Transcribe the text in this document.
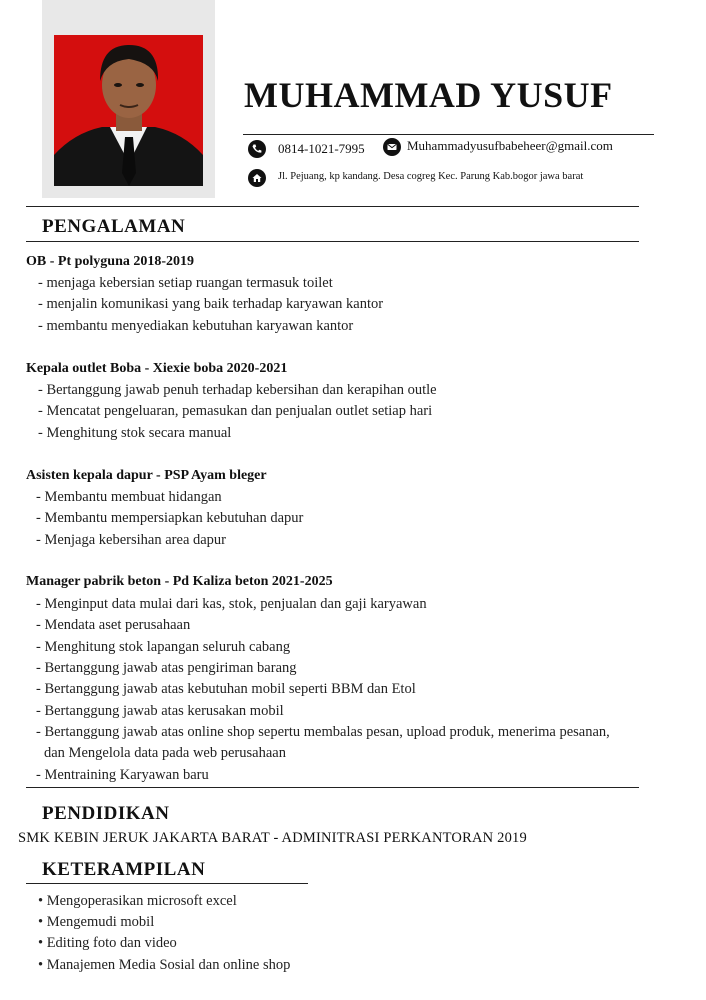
MUHAMMAD YUSUF
0814-1021-7995	Muhammadyusufbabeheer@gmail.com
Jl. Pejuang, kp kandang. Desa cogreg Kec. Parung Kab.bogor jawa barat
PENGALAMAN
OB - Pt polyguna 2018-2019
- menjaga kebersian setiap ruangan termasuk toilet
- menjalin komunikasi yang baik terhadap karyawan kantor
- membantu menyediakan kebutuhan karyawan kantor
Kepala outlet Boba - Xiexie boba 2020-2021
- Bertanggung jawab penuh terhadap kebersihan dan kerapihan outle
- Mencatat pengeluaran, pemasukan dan penjualan outlet setiap hari
- Menghitung stok secara manual
Asisten kepala dapur - PSP Ayam bleger
- Membantu membuat hidangan
- Membantu mempersiapkan kebutuhan dapur
- Menjaga kebersihan area dapur
Manager pabrik beton - Pd Kaliza beton 2021-2025
- Menginput data mulai dari kas, stok, penjualan dan gaji karyawan
- Mendata aset perusahaan
- Menghitung stok lapangan seluruh cabang
- Bertanggung jawab atas pengiriman barang
- Bertanggung jawab atas kebutuhan mobil seperti BBM dan Etol
- Bertanggung jawab atas kerusakan mobil
- Bertanggung jawab atas online shop sepertu membalas pesan, upload produk, menerima pesanan,
dan Mengelola data pada web perusahaan
- Mentraining Karyawan baru
PENDIDIKAN
SMK KEBIN JERUK JAKARTA BARAT - ADMINITRASI PERKANTORAN 2019
KETERAMPILAN
• Mengoperasikan microsoft excel
• Mengemudi mobil
• Editing foto dan video
• Manajemen Media Sosial dan online shop
